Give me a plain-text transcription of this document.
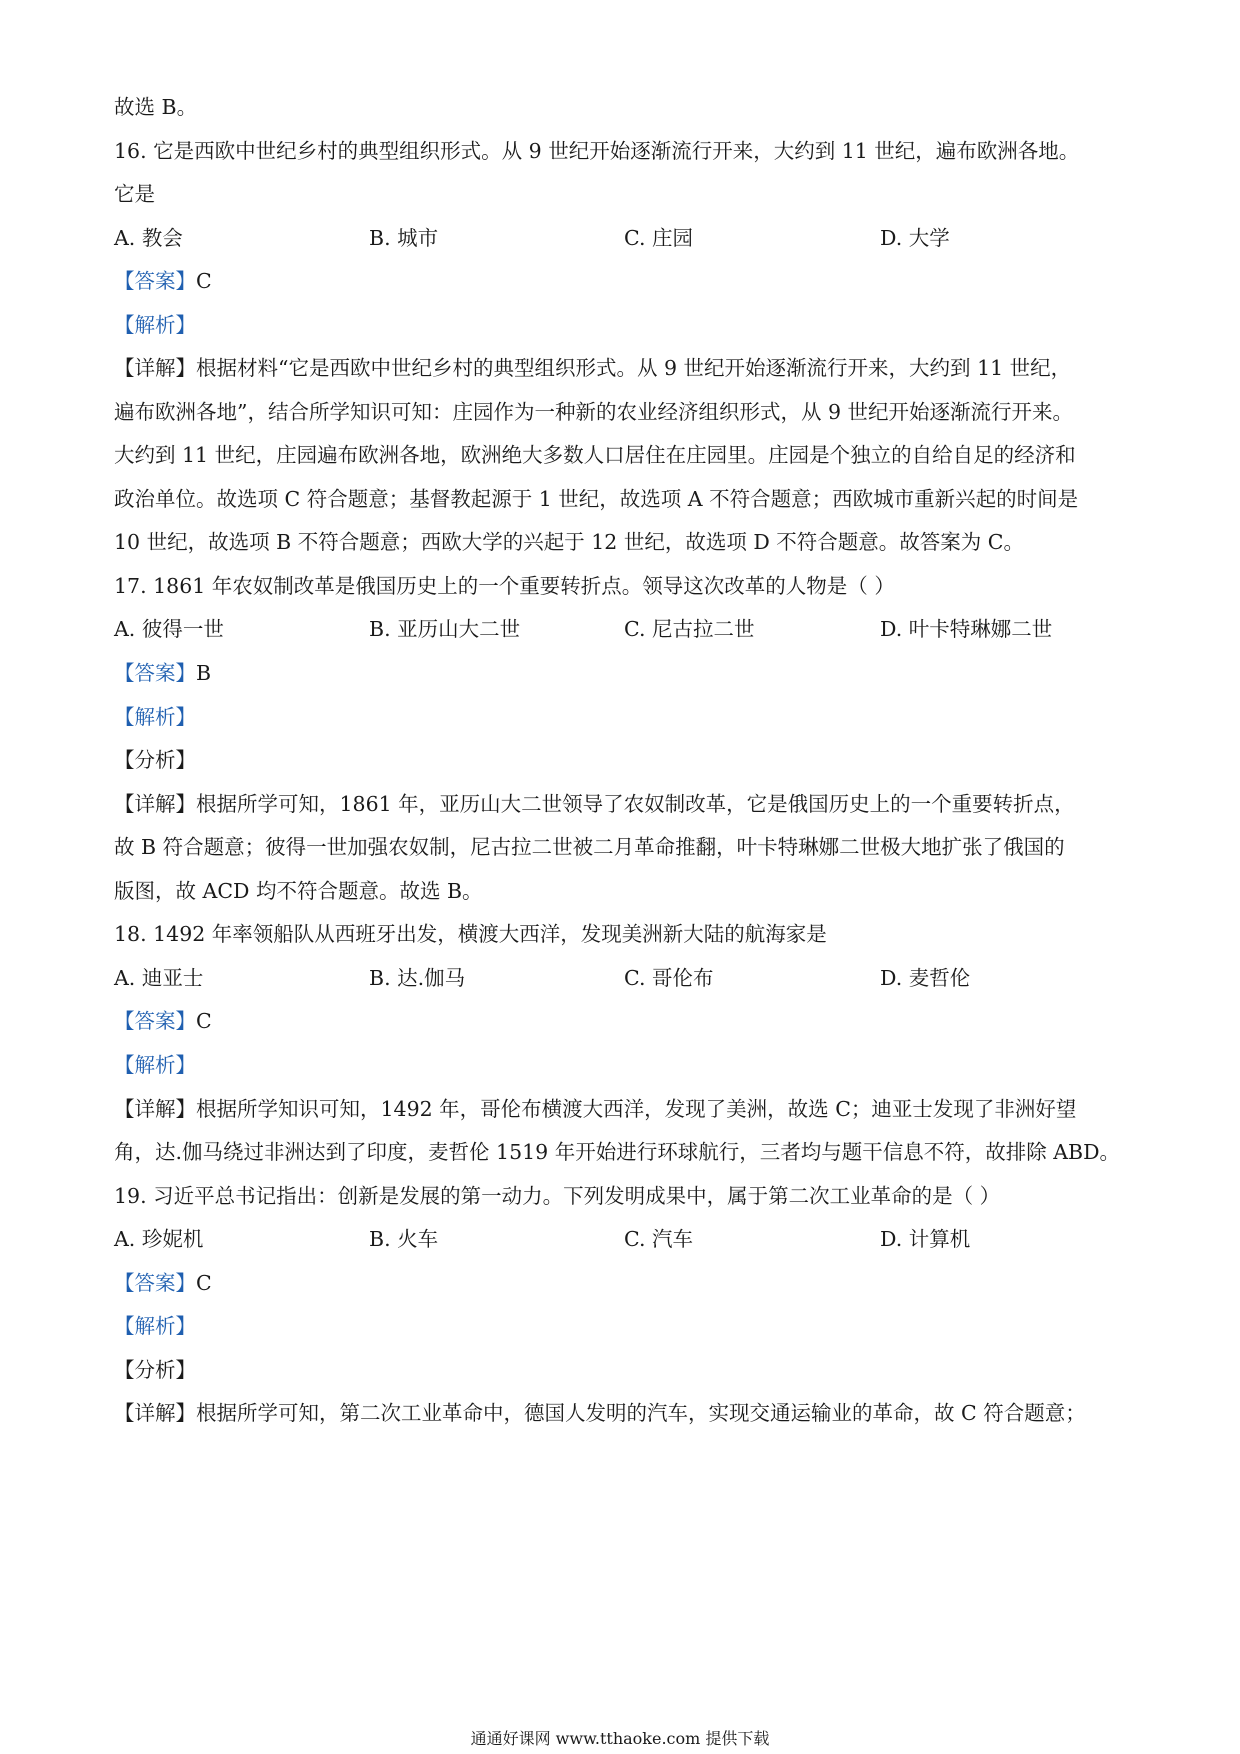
故选 B。
16. 它是西欧中世纪乡村的典型组织形式。从 9 世纪开始逐渐流行开来，大约到 11 世纪，遍布欧洲各地。
它是
A. 教会	B. 城市	C. 庄园	D. 大学
【答案】C
【解析】
【详解】根据材料“它是西欧中世纪乡村的典型组织形式。从 9 世纪开始逐渐流行开来，大约到 11 世纪，
遍布欧洲各地”，结合所学知识可知：庄园作为一种新的农业经济组织形式，从 9 世纪开始逐渐流行开来。
大约到 11 世纪，庄园遍布欧洲各地，欧洲绝大多数人口居住在庄园里。庄园是个独立的自给自足的经济和
政治单位。故选项 C 符合题意；基督教起源于 1 世纪，故选项 A 不符合题意；西欧城市重新兴起的时间是
10 世纪，故选项 B 不符合题意；西欧大学的兴起于 12 世纪，故选项 D 不符合题意。故答案为 C。
17. 1861 年农奴制改革是俄国历史上的一个重要转折点。领导这次改革的人物是（ ）
A. 彼得一世	B. 亚历山大二世	C. 尼古拉二世	D. 叶卡特琳娜二世
【答案】B
【解析】
【分析】
【详解】根据所学可知，1861 年，亚历山大二世领导了农奴制改革，它是俄国历史上的一个重要转折点，
故 B 符合题意；彼得一世加强农奴制，尼古拉二世被二月革命推翻，叶卡特琳娜二世极大地扩张了俄国的
版图，故 ACD 均不符合题意。故选 B。
18. 1492 年率领船队从西班牙出发，横渡大西洋，发现美洲新大陆的航海家是
A. 迪亚士	B. 达.伽马	C. 哥伦布	D. 麦哲伦
【答案】C
【解析】
【详解】根据所学知识可知，1492 年，哥伦布横渡大西洋，发现了美洲，故选 C；迪亚士发现了非洲好望
角，达.伽马绕过非洲达到了印度，麦哲伦 1519 年开始进行环球航行，三者均与题干信息不符，故排除 ABD。
19. 习近平总书记指出：创新是发展的第一动力。下列发明成果中，属于第二次工业革命的是（ ）
A. 珍妮机	B. 火车	C. 汽车	D. 计算机
【答案】C
【解析】
【分析】
【详解】根据所学可知，第二次工业革命中，德国人发明的汽车，实现交通运输业的革命，故 C 符合题意；
通通好课网 www.tthaoke.com 提供下载
